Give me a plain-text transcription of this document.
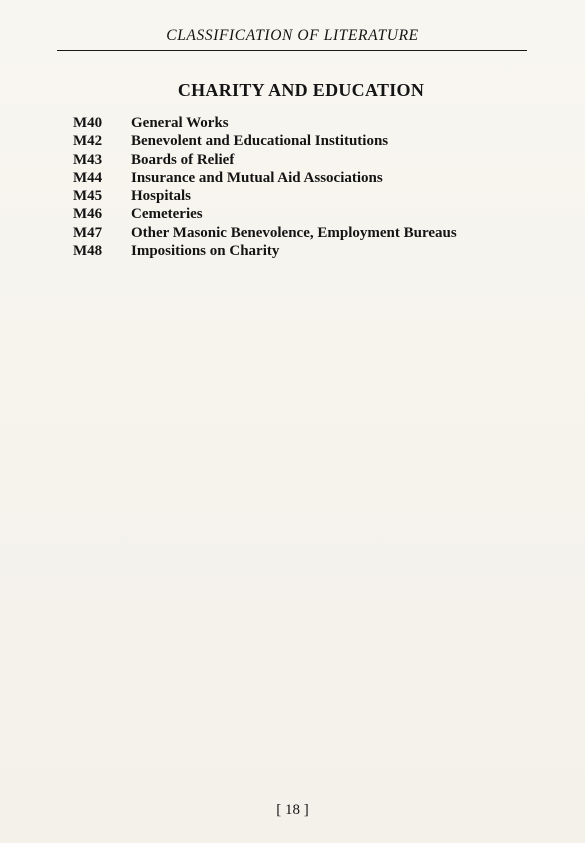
CLASSIFICATION OF LITERATURE
CHARITY AND EDUCATION
M40 General Works
M42 Benevolent and Educational Institutions
M43 Boards of Relief
M44 Insurance and Mutual Aid Associations
M45 Hospitals
M46 Cemeteries
M47 Other Masonic Benevolence, Employment Bureaus
M48 Impositions on Charity
[ 18 ]
